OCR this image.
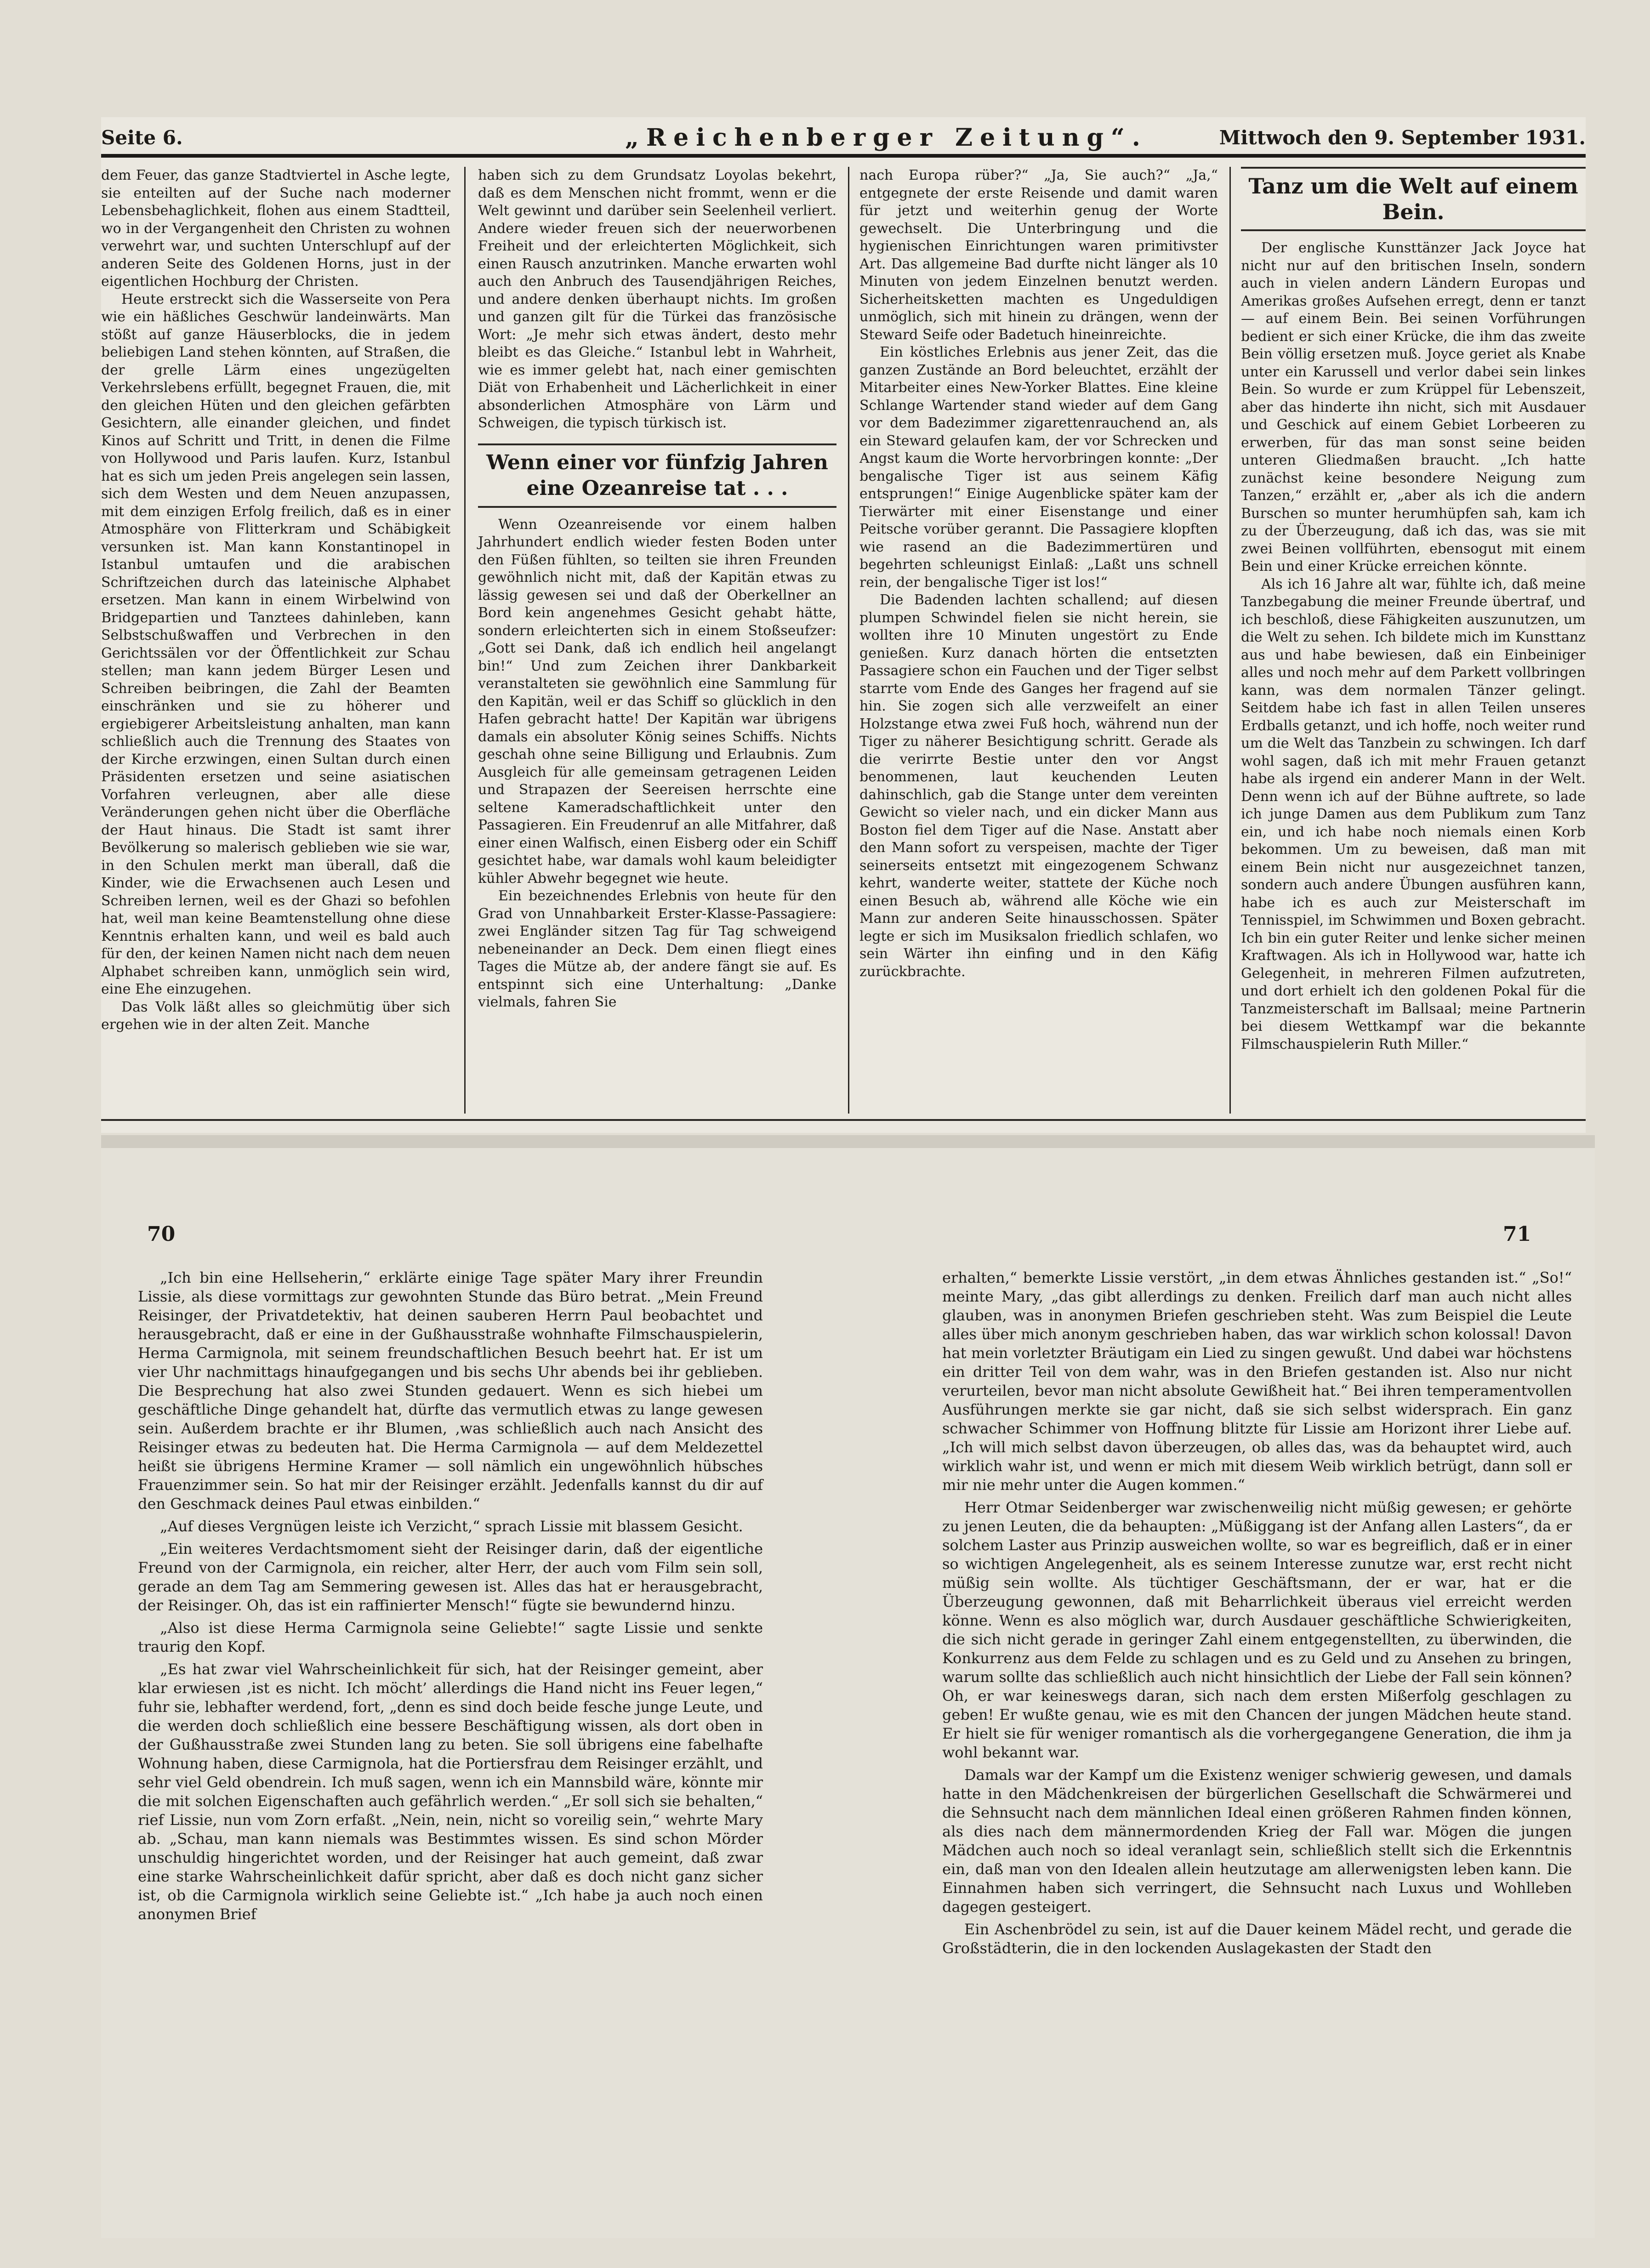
Seite 6.	„Reichenberger Zeitung“.	Mittwoch den 9. September 1931.

dem Feuer, das ganze Stadtviertel in Asche legte, sie enteilten auf der Suche nach moderner Lebensbehaglichkeit, flohen aus einem Stadtteil, wo in der Vergangenheit den Christen zu wohnen verwehrt war, und suchten Unterschlupf auf der anderen Seite des Goldenen Horns, just in der eigentlichen Hochburg der Christen.

Heute erstreckt sich die Wasserseite von Pera wie ein häßliches Geschwür landeinwärts. Man stößt auf ganze Häuserblocks, die in jedem beliebigen Land stehen könnten, auf Straßen, die der grelle Lärm eines ungezügelten Verkehrslebens erfüllt, begegnet Frauen, die, mit den gleichen Hüten und den gleichen gefärbten Gesichtern, alle einander gleichen, und findet Kinos auf Schritt und Tritt, in denen die Filme von Hollywood und Paris laufen. Kurz, Istanbul hat es sich um jeden Preis angelegen sein lassen, sich dem Westen und dem Neuen anzupassen, mit dem einzigen Erfolg freilich, daß es in einer Atmosphäre von Flitterkram und Schäbigkeit versunken ist. Man kann Konstantinopel in Istanbul umtaufen und die arabischen Schriftzeichen durch das lateinische Alphabet ersetzen. Man kann in einem Wirbelwind von Bridgepartien und Tanztees dahinleben, kann Selbstschußwaffen und Verbrechen in den Gerichtssälen vor der Öffentlichkeit zur Schau stellen; man kann jedem Bürger Lesen und Schreiben beibringen, die Zahl der Beamten einschränken und sie zu höherer und ergiebigerer Arbeitsleistung anhalten, man kann schließlich auch die Trennung des Staates von der Kirche erzwingen, einen Sultan durch einen Präsidenten ersetzen und seine asiatischen Vorfahren verleugnen, aber alle diese Veränderungen gehen nicht über die Oberfläche der Haut hinaus. Die Stadt ist samt ihrer Bevölkerung so malerisch geblieben wie sie war, in den Schulen merkt man überall, daß die Kinder, wie die Erwachsenen auch Lesen und Schreiben lernen, weil es der Ghazi so befohlen hat, weil man keine Beamtenstellung ohne diese Kenntnis erhalten kann, und weil es bald auch für den, der keinen Namen nicht nach dem neuen Alphabet schreiben kann, unmöglich sein wird, eine Ehe einzugehen.

Das Volk läßt alles so gleichmütig über sich ergehen wie in der alten Zeit. Manche

haben sich zu dem Grundsatz Loyolas bekehrt, daß es dem Menschen nicht frommt, wenn er die Welt gewinnt und darüber sein Seelenheil verliert. Andere wieder freuen sich der neuerworbenen Freiheit und der erleichterten Möglichkeit, sich einen Rausch anzutrinken. Manche erwarten wohl auch den Anbruch des Tausendjährigen Reiches, und andere denken überhaupt nichts. Im großen und ganzen gilt für die Türkei das französische Wort: „Je mehr sich etwas ändert, desto mehr bleibt es das Gleiche.“ Istanbul lebt in Wahrheit, wie es immer gelebt hat, nach einer gemischten Diät von Erhabenheit und Lächerlichkeit in einer absonderlichen Atmosphäre von Lärm und Schweigen, die typisch türkisch ist.

Wenn einer vor fünfzig Jahren eine Ozeanreise tat . . .

Wenn Ozeanreisende vor einem halben Jahrhundert endlich wieder festen Boden unter den Füßen fühlten, so teilten sie ihren Freunden gewöhnlich nicht mit, daß der Kapitän etwas zu lässig gewesen sei und daß der Oberkellner an Bord kein angenehmes Gesicht gehabt hätte, sondern erleichterten sich in einem Stoßseufzer: „Gott sei Dank, daß ich endlich heil angelangt bin!“ Und zum Zeichen ihrer Dankbarkeit veranstalteten sie gewöhnlich eine Sammlung für den Kapitän, weil er das Schiff so glücklich in den Hafen gebracht hatte! Der Kapitän war übrigens damals ein absoluter König seines Schiffs. Nichts geschah ohne seine Billigung und Erlaubnis. Zum Ausgleich für alle gemeinsam getragenen Leiden und Strapazen der Seereisen herrschte eine seltene Kameradschaftlichkeit unter den Passagieren. Ein Freudenruf an alle Mitfahrer, daß einer einen Walfisch, einen Eisberg oder ein Schiff gesichtet habe, war damals wohl kaum beleidigter kühler Abwehr begegnet wie heute.

Ein bezeichnendes Erlebnis von heute für den Grad von Unnahbarkeit Erster-Klasse-Passagiere: zwei Engländer sitzen Tag für Tag schweigend nebeneinander an Deck. Dem einen fliegt eines Tages die Mütze ab, der andere fängt sie auf. Es entspinnt sich eine Unterhaltung: „Danke vielmals, fahren Sie

nach Europa rüber?“ „Ja, Sie auch?“ „Ja,“ entgegnete der erste Reisende und damit waren für jetzt und weiterhin genug der Worte gewechselt. Die Unterbringung und die hygienischen Einrichtungen waren primitivster Art. Das allgemeine Bad durfte nicht länger als 10 Minuten von jedem Einzelnen benutzt werden. Sicherheitsketten machten es Ungeduldigen unmöglich, sich mit hinein zu drängen, wenn der Steward Seife oder Badetuch hineinreichte.

Ein köstliches Erlebnis aus jener Zeit, das die ganzen Zustände an Bord beleuchtet, erzählt der Mitarbeiter eines New-Yorker Blattes. Eine kleine Schlange Wartender stand wieder auf dem Gang vor dem Badezimmer zigarettenrauchend an, als ein Steward gelaufen kam, der vor Schrecken und Angst kaum die Worte hervorbringen konnte: „Der bengalische Tiger ist aus seinem Käfig entsprungen!“ Einige Augenblicke später kam der Tierwärter mit einer Eisenstange und einer Peitsche vorüber gerannt. Die Passagiere klopften wie rasend an die Badezimmertüren und begehrten schleunigst Einlaß: „Laßt uns schnell rein, der bengalische Tiger ist los!“

Die Badenden lachten schallend; auf diesen plumpen Schwindel fielen sie nicht herein, sie wollten ihre 10 Minuten ungestört zu Ende genießen. Kurz danach hörten die entsetzten Passagiere schon ein Fauchen und der Tiger selbst starrte vom Ende des Ganges her fragend auf sie hin. Sie zogen sich alle verzweifelt an einer Holzstange etwa zwei Fuß hoch, während nun der Tiger zu näherer Besichtigung schritt. Gerade als die verirrte Bestie unter den vor Angst benommenen, laut keuchenden Leuten dahinschlich, gab die Stange unter dem vereinten Gewicht so vieler nach, und ein dicker Mann aus Boston fiel dem Tiger auf die Nase. Anstatt aber den Mann sofort zu verspeisen, machte der Tiger seinerseits entsetzt mit eingezogenem Schwanz kehrt, wanderte weiter, stattete der Küche noch einen Besuch ab, während alle Köche wie ein Mann zur anderen Seite hinausschossen. Später legte er sich im Musiksalon friedlich schlafen, wo sein Wärter ihn einfing und in den Käfig zurückbrachte.

Tanz um die Welt auf einem Bein.

Der englische Kunsttänzer Jack Joyce hat nicht nur auf den britischen Inseln, sondern auch in vielen andern Ländern Europas und Amerikas großes Aufsehen erregt, denn er tanzt — auf einem Bein. Bei seinen Vorführungen bedient er sich einer Krücke, die ihm das zweite Bein völlig ersetzen muß. Joyce geriet als Knabe unter ein Karussell und verlor dabei sein linkes Bein. So wurde er zum Krüppel für Lebenszeit, aber das hinderte ihn nicht, sich mit Ausdauer und Geschick auf einem Gebiet Lorbeeren zu erwerben, für das man sonst seine beiden unteren Gliedmaßen braucht. „Ich hatte zunächst keine besondere Neigung zum Tanzen,“ erzählt er, „aber als ich die andern Burschen so munter herumhüpfen sah, kam ich zu der Überzeugung, daß ich das, was sie mit zwei Beinen vollführten, ebensogut mit einem Bein und einer Krücke erreichen könnte.

Als ich 16 Jahre alt war, fühlte ich, daß meine Tanzbegabung die meiner Freunde übertraf, und ich beschloß, diese Fähigkeiten auszunutzen, um die Welt zu sehen. Ich bildete mich im Kunsttanz aus und habe bewiesen, daß ein Einbeiniger alles und noch mehr auf dem Parkett vollbringen kann, was dem normalen Tänzer gelingt. Seitdem habe ich fast in allen Teilen unseres Erdballs getanzt, und ich hoffe, noch weiter rund um die Welt das Tanzbein zu schwingen. Ich darf wohl sagen, daß ich mit mehr Frauen getanzt habe als irgend ein anderer Mann in der Welt. Denn wenn ich auf der Bühne auftrete, so lade ich junge Damen aus dem Publikum zum Tanz ein, und ich habe noch niemals einen Korb bekommen. Um zu beweisen, daß man mit einem Bein nicht nur ausgezeichnet tanzen, sondern auch andere Übungen ausführen kann, habe ich es auch zur Meisterschaft im Tennisspiel, im Schwimmen und Boxen gebracht. Ich bin ein guter Reiter und lenke sicher meinen Kraftwagen. Als ich in Hollywood war, hatte ich Gelegenheit, in mehreren Filmen aufzutreten, und dort erhielt ich den goldenen Pokal für die Tanzmeisterschaft im Ballsaal; meine Partnerin bei diesem Wettkampf war die bekannte Filmschauspielerin Ruth Miller.“

70	71

„Ich bin eine Hellseherin,“ erklärte einige Tage später Mary ihrer Freundin Lissie, als diese vormittags zur gewohnten Stunde das Büro betrat. „Mein Freund Reisinger, der Privatdetektiv, hat deinen sauberen Herrn Paul beobachtet und herausgebracht, daß er eine in der Gußhausstraße wohnhafte Filmschauspielerin, Herma Carmignola, mit seinem freundschaftlichen Besuch beehrt hat. Er ist um vier Uhr nachmittags hinaufgegangen und bis sechs Uhr abends bei ihr geblieben. Die Besprechung hat also zwei Stunden gedauert. Wenn es sich hiebei um geschäftliche Dinge gehandelt hat, dürfte das vermutlich etwas zu lange gewesen sein. Außerdem brachte er ihr Blumen, ,was schließlich auch nach Ansicht des Reisinger etwas zu bedeuten hat. Die Herma Carmignola — auf dem Meldezettel heißt sie übrigens Hermine Kramer — soll nämlich ein ungewöhnlich hübsches Frauenzimmer sein. So hat mir der Reisinger erzählt. Jedenfalls kannst du dir auf den Geschmack deines Paul etwas einbilden.“

„Auf dieses Vergnügen leiste ich Verzicht,“ sprach Lissie mit blassem Gesicht.

„Ein weiteres Verdachtsmoment sieht der Reisinger darin, daß der eigentliche Freund von der Carmignola, ein reicher, alter Herr, der auch vom Film sein soll, gerade an dem Tag am Semmering gewesen ist. Alles das hat er herausgebracht, der Reisinger. Oh, das ist ein raffinierter Mensch!“ fügte sie bewundernd hinzu.

„Also ist diese Herma Carmignola seine Geliebte!“ sagte Lissie und senkte traurig den Kopf.

„Es hat zwar viel Wahrscheinlichkeit für sich, hat der Reisinger gemeint, aber klar erwiesen ,ist es nicht. Ich möcht’ allerdings die Hand nicht ins Feuer legen,“ fuhr sie, lebhafter werdend, fort, „denn es sind doch beide fesche junge Leute, und die werden doch schließlich eine bessere Beschäftigung wissen, als dort oben in der Gußhausstraße zwei Stunden lang zu beten. Sie soll übrigens eine fabelhafte Wohnung haben, diese Carmignola, hat die Portiersfrau dem Reisinger erzählt, und sehr viel Geld obendrein. Ich muß sagen, wenn ich ein Mannsbild wäre, könnte mir die mit solchen Eigenschaften auch gefährlich werden.“ „Er soll sich sie behalten,“ rief Lissie, nun vom Zorn erfaßt. „Nein, nein, nicht so voreilig sein,“ wehrte Mary ab. „Schau, man kann niemals was Bestimmtes wissen. Es sind schon Mörder unschuldig hingerichtet worden, und der Reisinger hat auch gemeint, daß zwar eine starke Wahrscheinlichkeit dafür spricht, aber daß es doch nicht ganz sicher ist, ob die Carmignola wirklich seine Geliebte ist.“ „Ich habe ja auch noch einen anonymen Brief

erhalten,“ bemerkte Lissie verstört, „in dem etwas Ähnliches gestanden ist.“ „So!“ meinte Mary, „das gibt allerdings zu denken. Freilich darf man auch nicht alles glauben, was in anonymen Briefen geschrieben steht. Was zum Beispiel die Leute alles über mich anonym geschrieben haben, das war wirklich schon kolossal! Davon hat mein vorletzter Bräutigam ein Lied zu singen gewußt. Und dabei war höchstens ein dritter Teil von dem wahr, was in den Briefen gestanden ist. Also nur nicht verurteilen, bevor man nicht absolute Gewißheit hat.“ Bei ihren temperamentvollen Ausführungen merkte sie gar nicht, daß sie sich selbst widersprach. Ein ganz schwacher Schimmer von Hoffnung blitzte für Lissie am Horizont ihrer Liebe auf. „Ich will mich selbst davon überzeugen, ob alles das, was da behauptet wird, auch wirklich wahr ist, und wenn er mich mit diesem Weib wirklich betrügt, dann soll er mir nie mehr unter die Augen kommen.“

Herr Otmar Seidenberger war zwischenweilig nicht müßig gewesen; er gehörte zu jenen Leuten, die da behaupten: „Müßiggang ist der Anfang allen Lasters“, da er solchem Laster aus Prinzip ausweichen wollte, so war es begreiflich, daß er in einer so wichtigen Angelegenheit, als es seinem Interesse zunutze war, erst recht nicht müßig sein wollte. Als tüchtiger Geschäftsmann, der er war, hat er die Überzeugung gewonnen, daß mit Beharrlichkeit überaus viel erreicht werden könne. Wenn es also möglich war, durch Ausdauer geschäftliche Schwierigkeiten, die sich nicht gerade in geringer Zahl einem entgegenstellten, zu überwinden, die Konkurrenz aus dem Felde zu schlagen und es zu Geld und zu Ansehen zu bringen, warum sollte das schließlich auch nicht hinsichtlich der Liebe der Fall sein können? Oh, er war keineswegs daran, sich nach dem ersten Mißerfolg geschlagen zu geben! Er wußte genau, wie es mit den Chancen der jungen Mädchen heute stand. Er hielt sie für weniger romantisch als die vorhergegangene Generation, die ihm ja wohl bekannt war.

Damals war der Kampf um die Existenz weniger schwierig gewesen, und damals hatte in den Mädchenkreisen der bürgerlichen Gesellschaft die Schwärmerei und die Sehnsucht nach dem männlichen Ideal einen größeren Rahmen finden können, als dies nach dem männermordenden Krieg der Fall war. Mögen die jungen Mädchen auch noch so ideal veranlagt sein, schließlich stellt sich die Erkenntnis ein, daß man von den Idealen allein heutzutage am allerwenigsten leben kann. Die Einnahmen haben sich verringert, die Sehnsucht nach Luxus und Wohlleben dagegen gesteigert.

Ein Aschenbrödel zu sein, ist auf die Dauer keinem Mädel recht, und gerade die Großstädterin, die in den lockenden Auslagekasten der Stadt den
